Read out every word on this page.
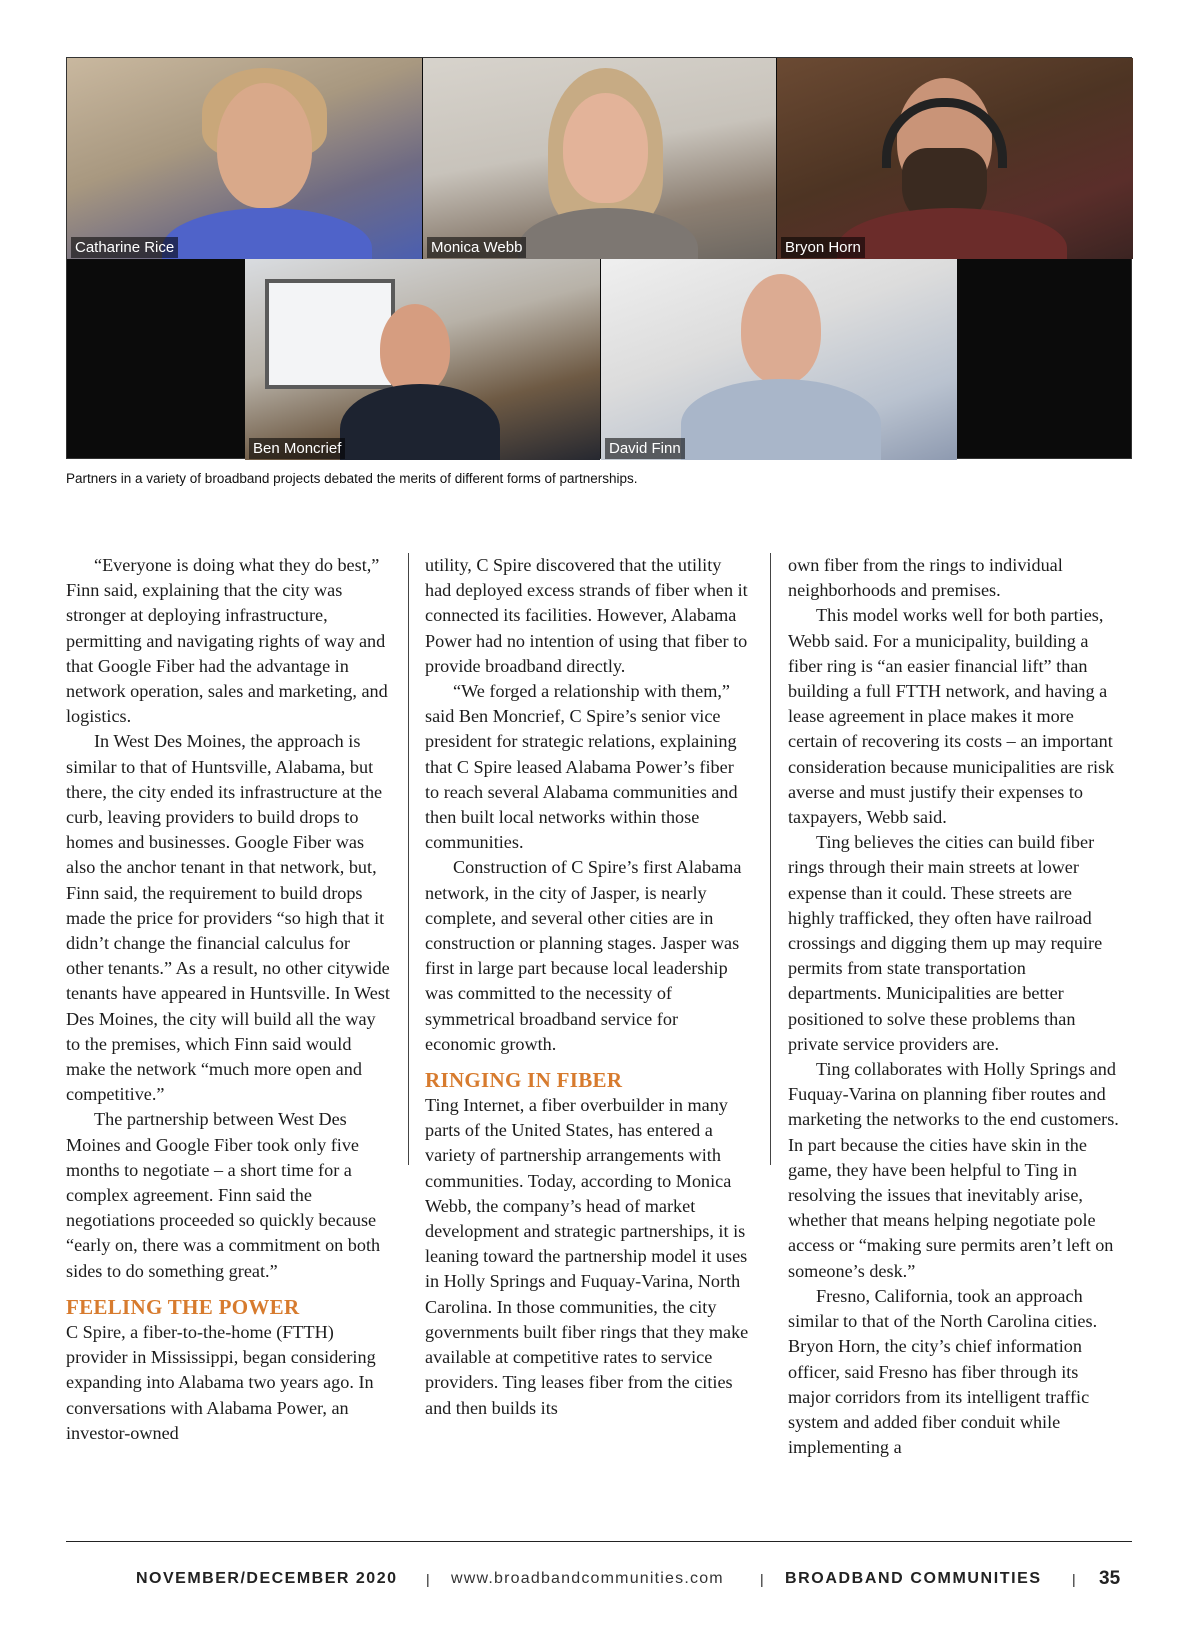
Catharine Rice	Monica Webb	Bryon Horn
Ben Moncrief	David Finn
Partners in a variety of broadband projects debated the merits of different forms of partnerships.

“Everyone is doing what they do best,” Finn said, explaining that the city was stronger at deploying infrastructure, permitting and navigating rights of way and that Google Fiber had the advantage in network operation, sales and marketing, and logistics.

In West Des Moines, the approach is similar to that of Huntsville, Alabama, but there, the city ended its infrastructure at the curb, leaving providers to build drops to homes and businesses. Google Fiber was also the anchor tenant in that network, but, Finn said, the requirement to build drops made the price for providers “so high that it didn’t change the financial calculus for other tenants.” As a result, no other citywide tenants have appeared in Huntsville. In West Des Moines, the city will build all the way to the premises, which Finn said would make the network “much more open and competitive.”

The partnership between West Des Moines and Google Fiber took only five months to negotiate – a short time for a complex agreement. Finn said the negotiations proceeded so quickly because “early on, there was a commitment on both sides to do something great.”

FEELING THE POWER

C Spire, a fiber-to-the-home (FTTH) provider in Mississippi, began considering expanding into Alabama two years ago. In conversations with Alabama Power, an investor-owned

utility, C Spire discovered that the utility had deployed excess strands of fiber when it connected its facilities. However, Alabama Power had no intention of using that fiber to provide broadband directly.

“We forged a relationship with them,” said Ben Moncrief, C Spire’s senior vice president for strategic relations, explaining that C Spire leased Alabama Power’s fiber to reach several Alabama communities and then built local networks within those communities.

Construction of C Spire’s first Alabama network, in the city of Jasper, is nearly complete, and several other cities are in construction or planning stages. Jasper was first in large part because local leadership was committed to the necessity of symmetrical broadband service for economic growth.

RINGING IN FIBER

Ting Internet, a fiber overbuilder in many parts of the United States, has entered a variety of partnership arrangements with communities. Today, according to Monica Webb, the company’s head of market development and strategic partnerships, it is leaning toward the partnership model it uses in Holly Springs and Fuquay-Varina, North Carolina. In those communities, the city governments built fiber rings that they make available at competitive rates to service providers. Ting leases fiber from the cities and then builds its

own fiber from the rings to individual neighborhoods and premises.

This model works well for both parties, Webb said. For a municipality, building a fiber ring is “an easier financial lift” than building a full FTTH network, and having a lease agreement in place makes it more certain of recovering its costs – an important consideration because municipalities are risk averse and must justify their expenses to taxpayers, Webb said.

Ting believes the cities can build fiber rings through their main streets at lower expense than it could. These streets are highly trafficked, they often have railroad crossings and digging them up may require permits from state transportation departments. Municipalities are better positioned to solve these problems than private service providers are.

Ting collaborates with Holly Springs and Fuquay-Varina on planning fiber routes and marketing the networks to the end customers. In part because the cities have skin in the game, they have been helpful to Ting in resolving the issues that inevitably arise, whether that means helping negotiate pole access or “making sure permits aren’t left on someone’s desk.”

Fresno, California, took an approach similar to that of the North Carolina cities. Bryon Horn, the city’s chief information officer, said Fresno has fiber through its major corridors from its intelligent traffic system and added fiber conduit while implementing a

NOVEMBER/DECEMBER 2020 | www.broadbandcommunities.com	| BROADBAND COMMUNITIES | 35
